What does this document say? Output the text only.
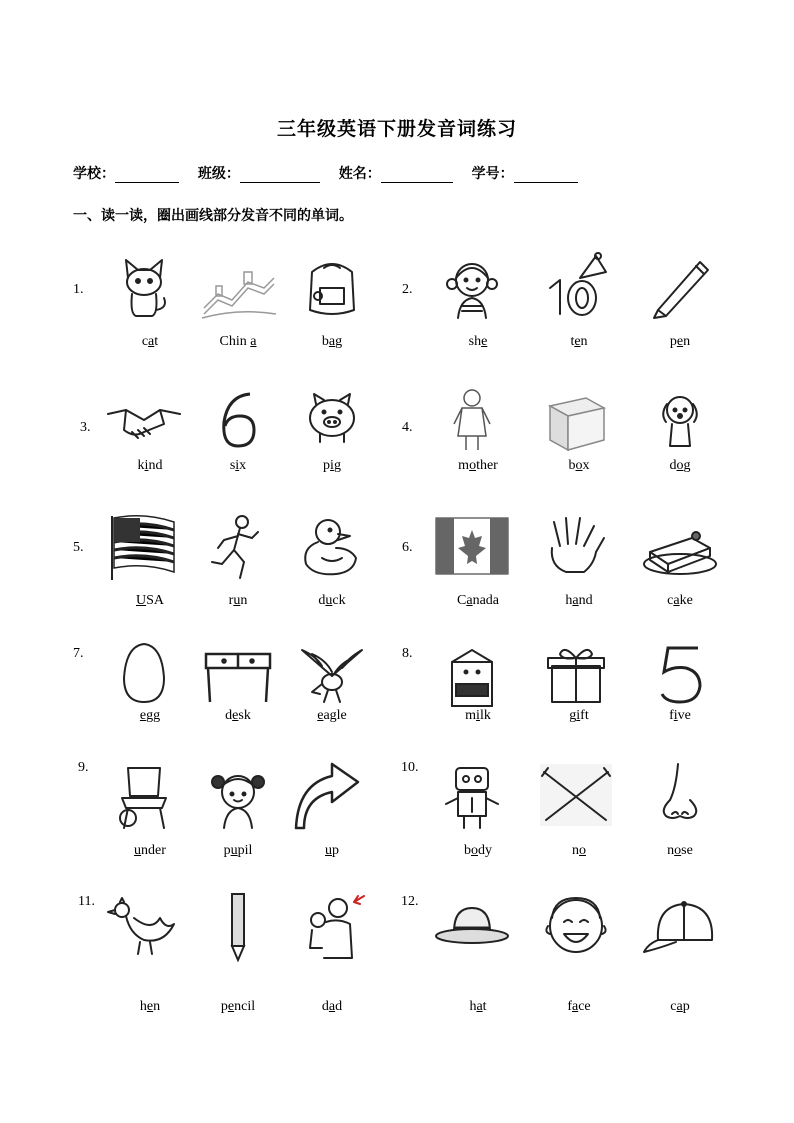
三年级英语下册发音词练习
学校：	班级：	姓名：	学号：
一、读一读，圈出画线部分发音不同的单词。
1.
cat	Chin a	bag
2.
she	ten	pen
3.
kind	six	pig
4.
mother	box	dog
5.
USA	run	duck
6.
Canada	hand	cake
7.
egg	desk	eagle
8.
milk	gift	five
9.
under	pupil	up
10.
body	no	nose
11.
hen	pencil	dad
12.
hat	face	cap
